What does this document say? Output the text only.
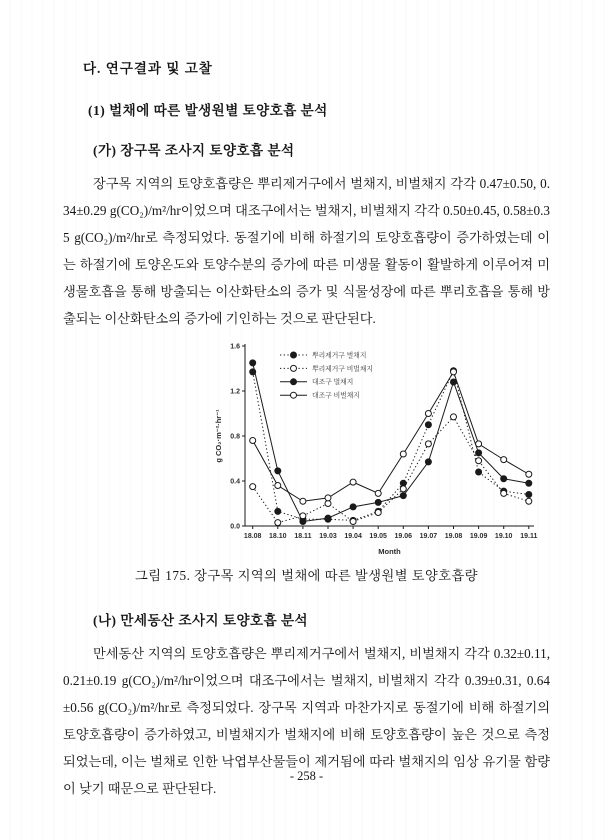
다. 연구결과 및 고찰
(1) 벌채에 따른 발생원별 토양호흡 분석
(가) 장구목 조사지 토양호흡 분석

장구목 지역의 토양호흡량은 뿌리제거구에서 벌채지, 비벌채지 각각 0.47±0.50, 0.34±0.29 g(CO₂)/m²/hr이었으며 대조구에서는 벌채지, 비벌채지 각각 0.50±0.45, 0.58±0.35 g(CO₂)/m²/hr로 측정되었다. 동절기에 비해 하절기의 토양호흡량이 증가하였는데 이는 하절기에 토양온도와 토양수분의 증가에 따른 미생물 활동이 활발하게 이루어져 미생물호흡을 통해 방출되는 이산화탄소의 증가 및 식물성장에 따른 뿌리호흡을 통해 방출되는 이산화탄소의 증가에 기인하는 것으로 판단된다.

0.0
0.4
0.8
1.2
1.6
18.08 18.10 18.11 19.03 19.04 19.05 19.06 19.07 19.08 19.09 19.10 19.11
Month
g CO₂·m⁻²·hr⁻¹
뿌리제거구 벌채지
뿌리제거구 비벌채지
대조구 벌채지
대조구 비벌채지
그림 175. 장구목 지역의 벌채에 따른 발생원별 토양호흡량
(나) 만세동산 조사지 토양호흡 분석

만세동산 지역의 토양호흡량은 뿌리제거구에서 벌채지, 비벌채지 각각 0.32±0.11, 0.21±0.19 g(CO₂)/m²/hr이었으며 대조구에서는 벌채지, 비벌채지 각각 0.39±0.31, 0.64±0.56 g(CO₂)/m²/hr로 측정되었다. 장구목 지역과 마찬가지로 동절기에 비해 하절기의 토양호흡량이 증가하였고, 비벌채지가 벌채지에 비해 토양호흡량이 높은 것으로 측정되었는데, 이는 벌채로 인한 낙엽부산물들이 제거됨에 따라 벌채지의 임상 유기물 함량이 낮기 때문으로 판단된다.

- 258 -
